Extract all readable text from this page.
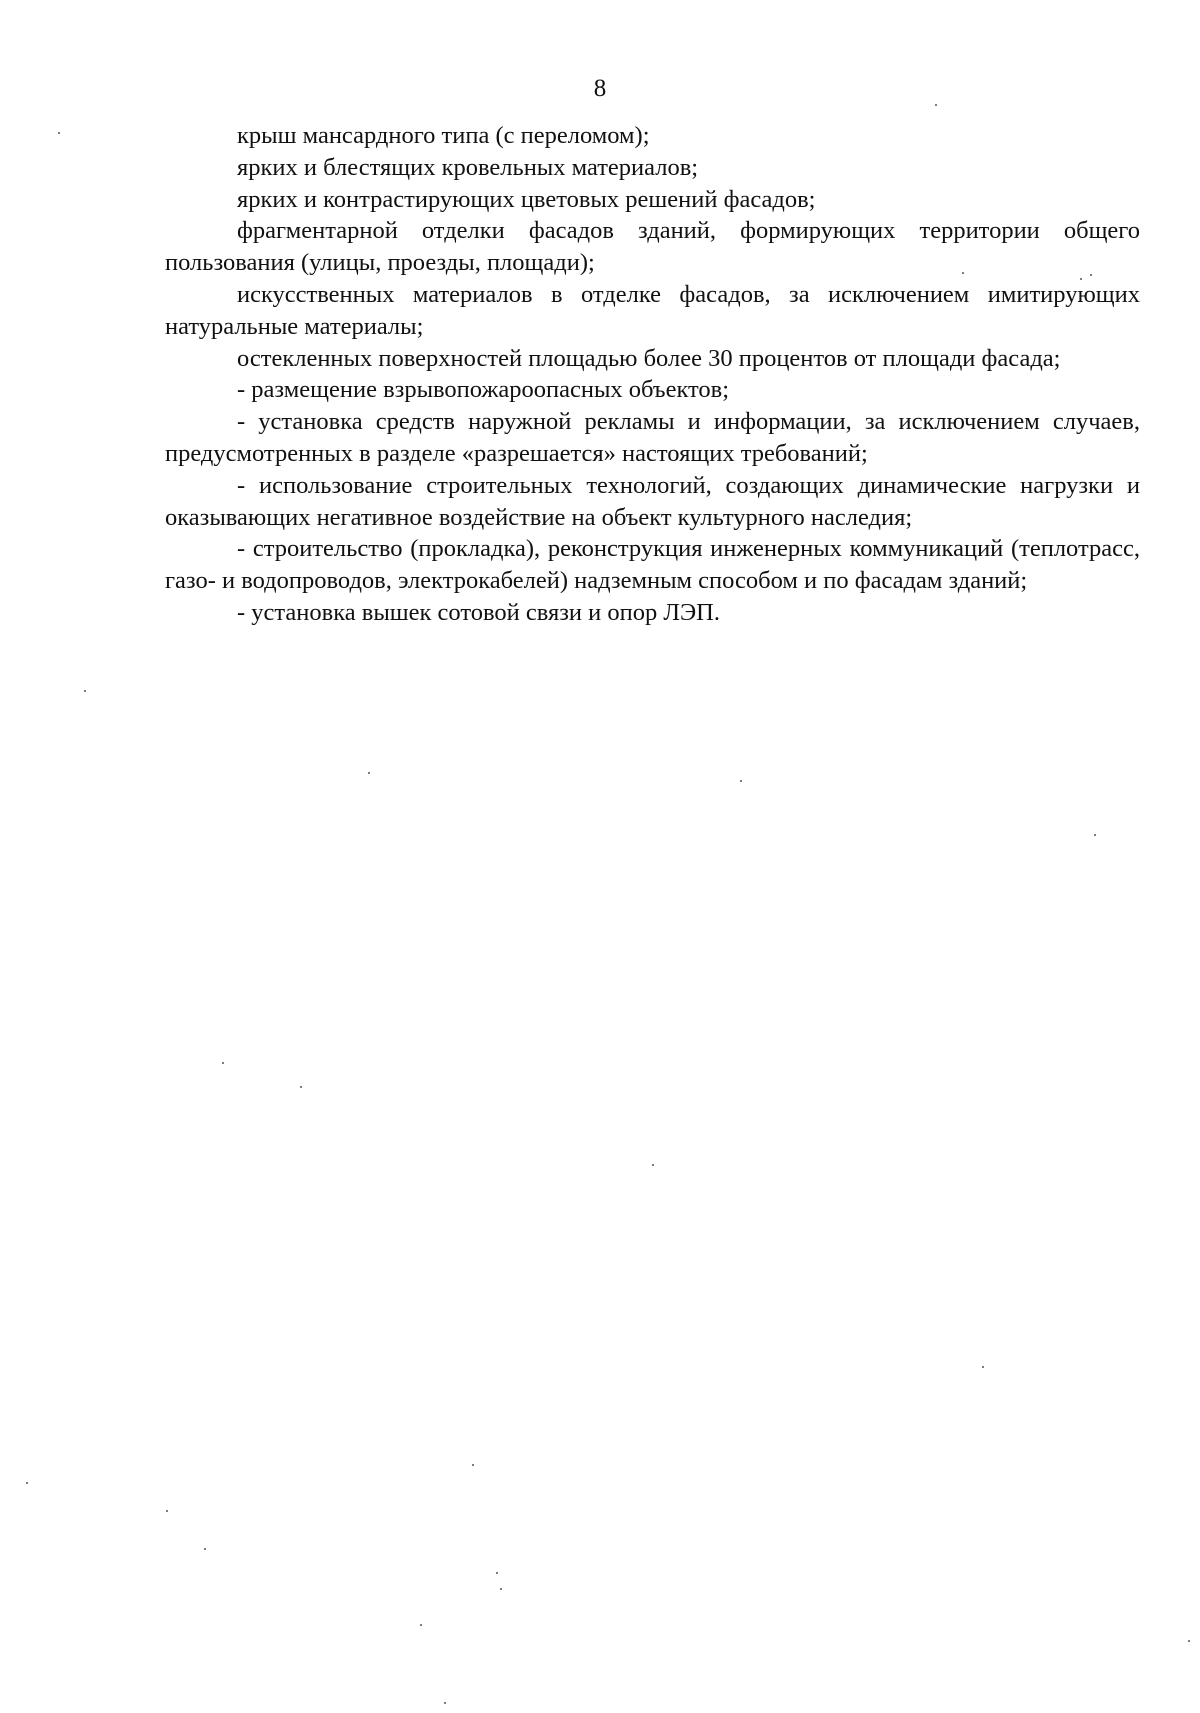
8

крыш мансардного типа (с переломом);

ярких и блестящих кровельных материалов;

ярких и контрастирующих цветовых решений фасадов;

фрагментарной отделки фасадов зданий, формирующих территории общего пользования (улицы, проезды, площади);

искусственных материалов в отделке фасадов, за исключением имитирующих натуральные материалы;

остекленных поверхностей площадью более 30 процентов от площади фасада;

- размещение взрывопожароопасных объектов;

- установка средств наружной рекламы и информации, за исключением случаев, предусмотренных в разделе «разрешается» настоящих требований;

- использование строительных технологий, создающих динамические нагрузки и оказывающих негативное воздействие на объект культурного наследия;

- строительство (прокладка), реконструкция инженерных коммуникаций (теплотрасс, газо- и водопроводов, электрокабелей) надземным способом и по фасадам зданий;

- установка вышек сотовой связи и опор ЛЭП.
